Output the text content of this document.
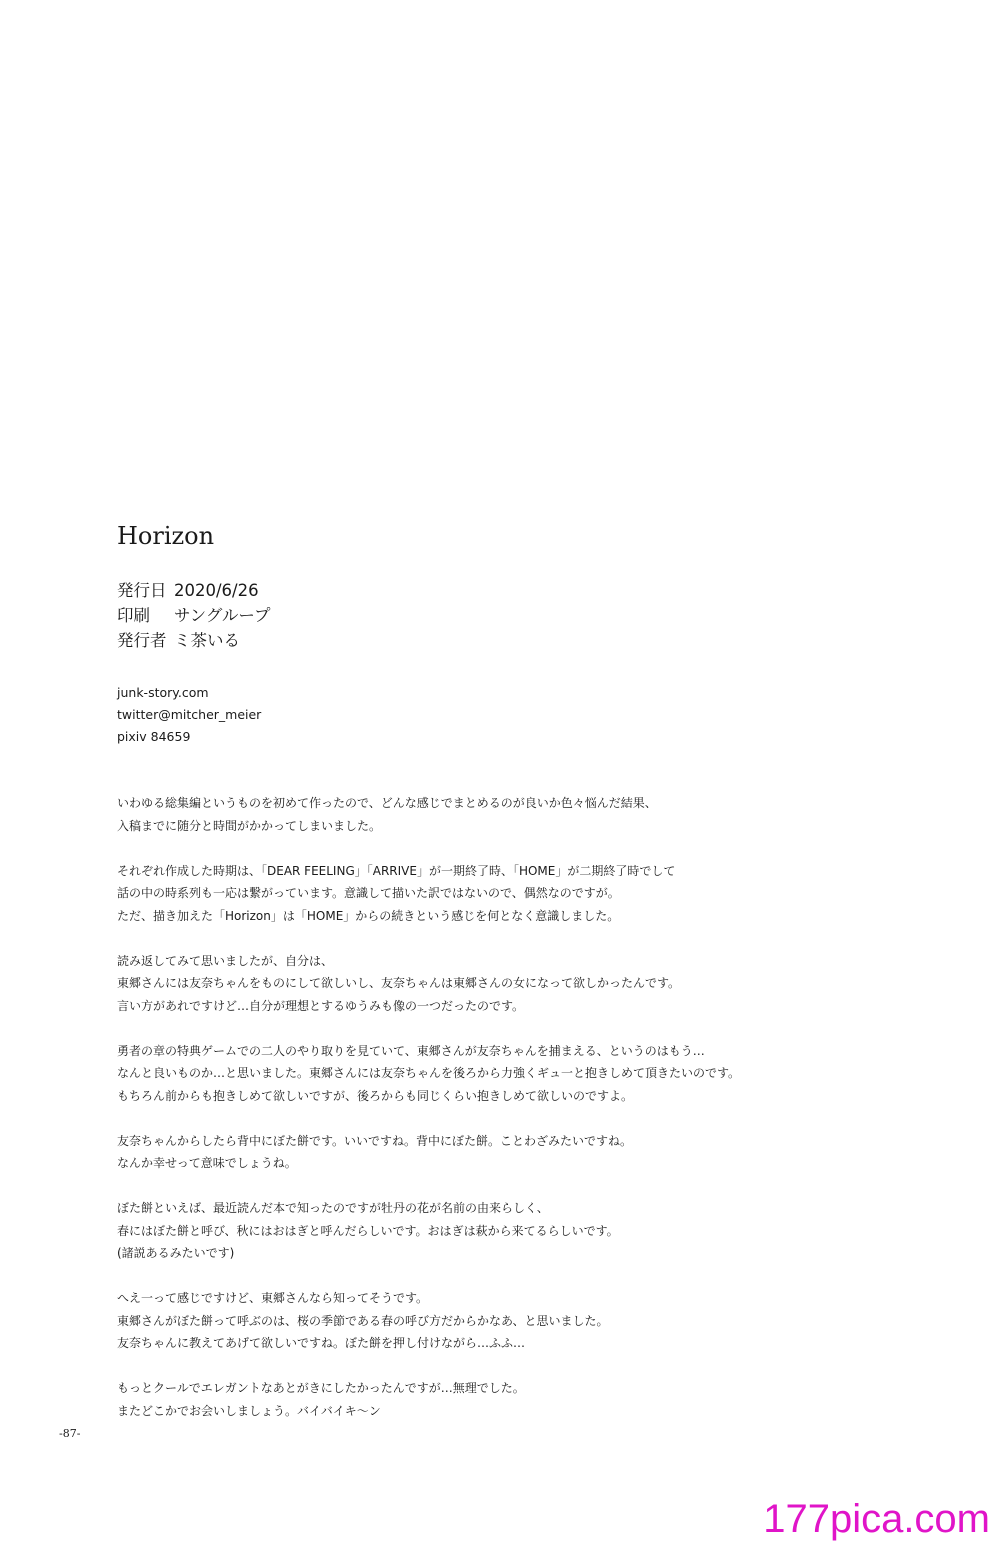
Horizon
発行日 2020/6/26
印刷	サングループ
発行者 ミ茶いる
junk-story.com
twitter@mitcher_meier
pixiv 84659
いわゆる総集編というものを初めて作ったので、どんな感じでまとめるのが良いか色々悩んだ結果、
入稿までに随分と時間がかかってしまいました。
それぞれ作成した時期は、「DEAR FEELING」「ARRIVE」が一期終了時、「HOME」が二期終了時でして
話の中の時系列も一応は繋がっています。意識して描いた訳ではないので、偶然なのですが。
ただ、描き加えた「Horizon」は「HOME」からの続きという感じを何となく意識しました。
読み返してみて思いましたが、自分は、
東郷さんには友奈ちゃんをものにして欲しいし、友奈ちゃんは東郷さんの女になって欲しかったんです。
言い方があれですけど…自分が理想とするゆうみも像の一つだったのです。
勇者の章の特典ゲームでの二人のやり取りを見ていて、東郷さんが友奈ちゃんを捕まえる、というのはもう…
なんと良いものか…と思いました。東郷さんには友奈ちゃんを後ろから力強くギュ一と抱きしめて頂きたいのです。
もちろん前からも抱きしめて欲しいですが、後ろからも同じくらい抱きしめて欲しいのですよ。
友奈ちゃんからしたら背中にぼた餅です。いいですね。背中にぼた餅。ことわざみたいですね。
なんか幸せって意味でしょうね。
ぼた餅といえば、最近読んだ本で知ったのですが牡丹の花が名前の由来らしく、
春にはぼた餅と呼び、秋にはおはぎと呼んだらしいです。おはぎは萩から来てるらしいです。
(諸説あるみたいです)
へえ一って感じですけど、東郷さんなら知ってそうです。
東郷さんがぼた餅って呼ぶのは、桜の季節である春の呼び方だからかなあ、と思いました。
友奈ちゃんに教えてあげて欲しいですね。ぼた餅を押し付けながら…ふふ…
もっとクールでエレガントなあとがきにしたかったんですが…無理でした。
またどこかでお会いしましょう。バイバイキ〜ン
-87-
177pica.com
